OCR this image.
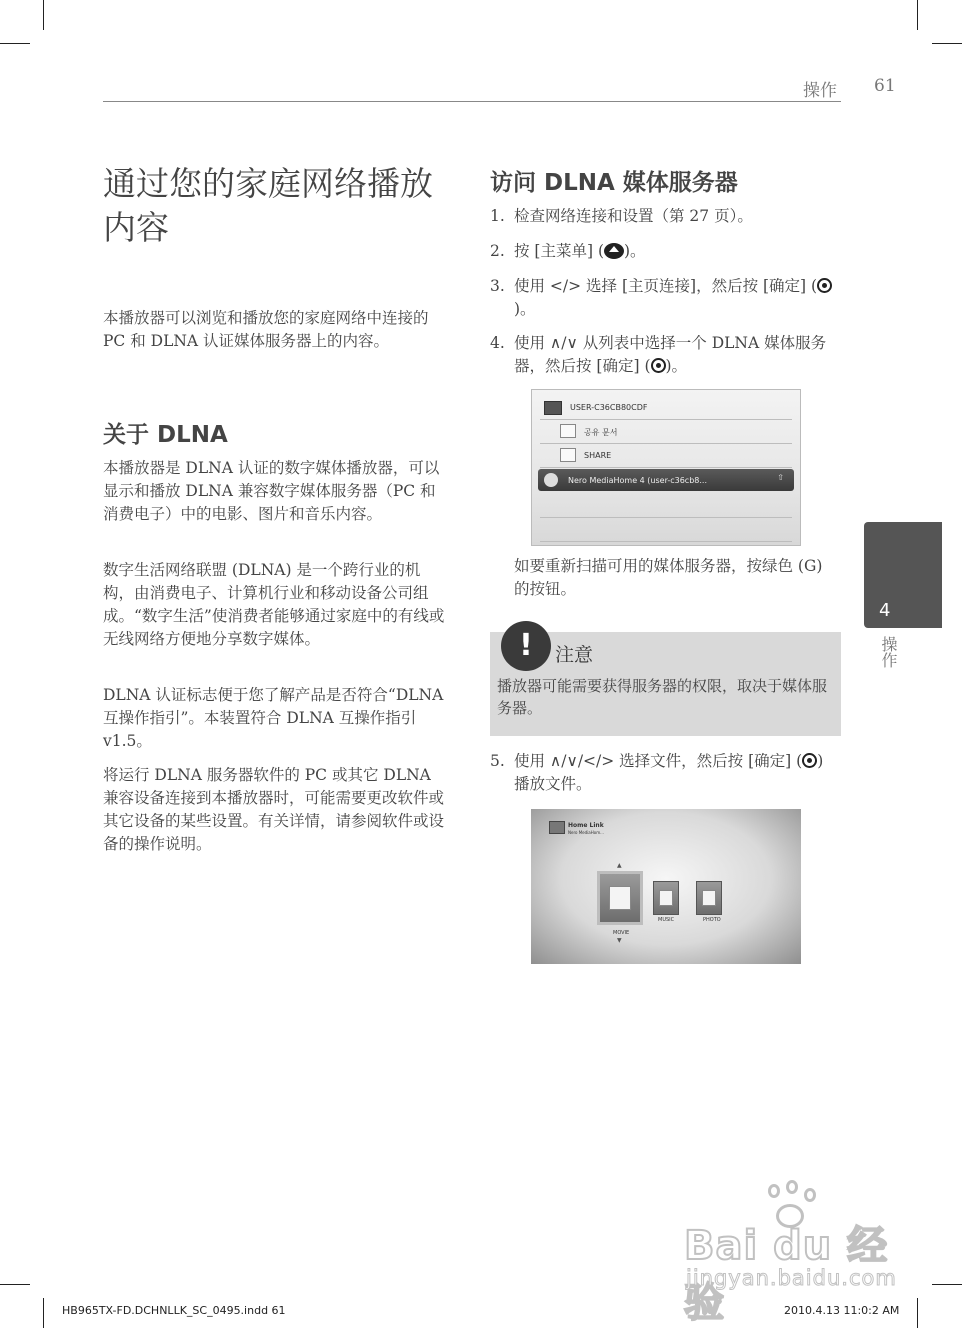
操作 61
通过您的家庭网络播放内容

本播放器可以浏览和播放您的家庭网络中连接的 PC 和 DLNA 认证媒体服务器上的内容。

关于 DLNA

本播放器是 DLNA 认证的数字媒体播放器，可以显示和播放 DLNA 兼容数字媒体服务器（PC 和消费电子）中的电影、图片和音乐内容。

数字生活网络联盟 (DLNA) 是一个跨行业的机构，由消费电子、计算机行业和移动设备公司组成。“数字生活”使消费者能够通过家庭中的有线或无线网络方便地分享数字媒体。

DLNA 认证标志便于您了解产品是否符合“DLNA 互操作指引”。本装置符合 DLNA 互操作指引 v1.5。

将运行 DLNA 服务器软件的 PC 或其它 DLNA 兼容设备连接到本播放器时，可能需要更改软件或其它设备的某些设置。有关详情，请参阅软件或设备的操作说明。

访问 DLNA 媒体服务器
1. 检查网络连接和设置（第 27 页）。
2. 按 [主菜单] ( )。
3. 使用 </> 选择 [主页连接]，然后按 [确定] ()。
4. 使用 ∧/∨ 从列表中选择一个 DLNA 媒体服务器，然后按 [确定] ( )。
USER-C36CB80CDF
공유 문서
SHARE
Nero MediaHome 4 (user-c36cb8...	⇧

如要重新扫描可用的媒体服务器，按绿色 (G) 的按钮。

!	注意

播放器可能需要获得服务器的权限，取决于媒体服务器。

5. 使用 ∧/∨/</> 选择文件，然后按 [确定] ( ) 播放文件。
Home Link
Nero MediaHom...
▲
MOVIE
MUSIC	PHOTO
▼
4
操作
Bai du 经验
jingyan.baidu.com
HB965TX-FD.DCHNLLK_SC_0495.indd 61	2010.4.13 11:0:2 AM
